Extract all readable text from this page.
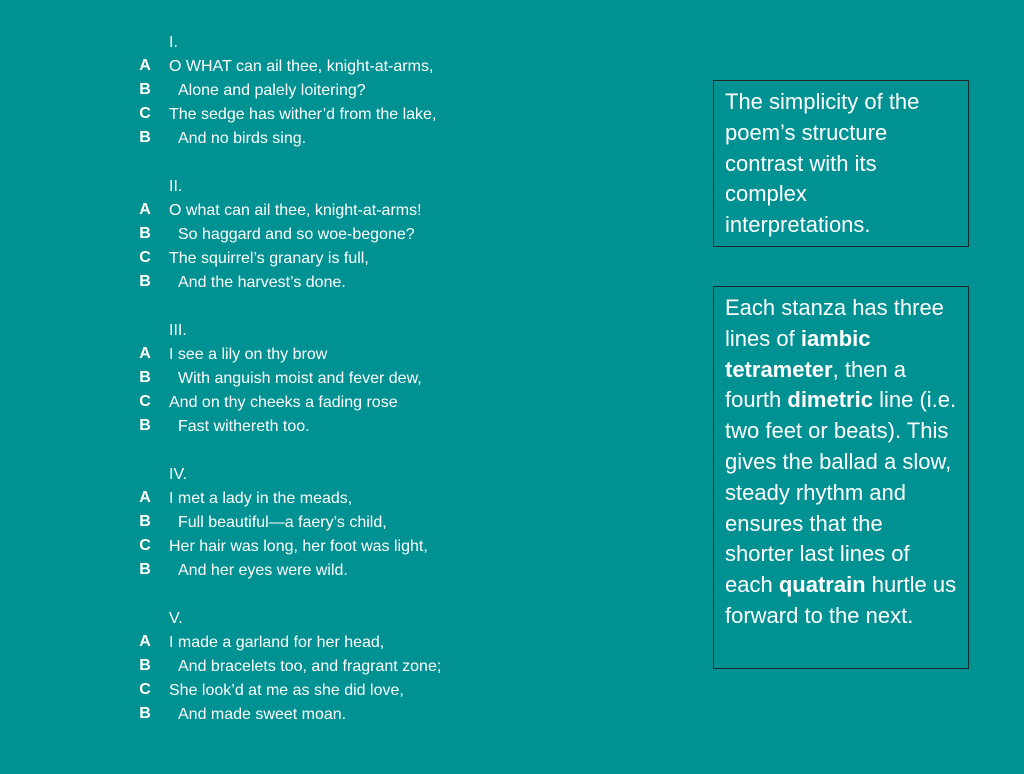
A
B
C
B
A
B
C
B
A
B
C
B
A
B
C
B
A
B
C
B
I.
O WHAT can ail thee, knight-at-arms,
Alone and palely loitering?
The sedge has wither’d from the lake,
And no birds sing.
II.
O what can ail thee, knight-at-arms!
So haggard and so woe-begone?
The squirrel’s granary is full,
And the harvest’s done.
III.
I see a lily on thy brow
With anguish moist and fever dew,
And on thy cheeks a fading rose
Fast withereth too.
IV.
I met a lady in the meads,
Full beautiful—a faery’s child,
Her hair was long, her foot was light,
And her eyes were wild.
V.
I made a garland for her head,
And bracelets too, and fragrant zone;
She look’d at me as she did love,
And made sweet moan.
The simplicity of the poem’s structure contrast with its complex interpretations.
Each stanza has three lines of iambic tetrameter, then a fourth dimetric line (i.e. two feet or beats). This gives the ballad a slow, steady rhythm and ensures that the shorter last lines of each quatrain hurtle us forward to the next.
